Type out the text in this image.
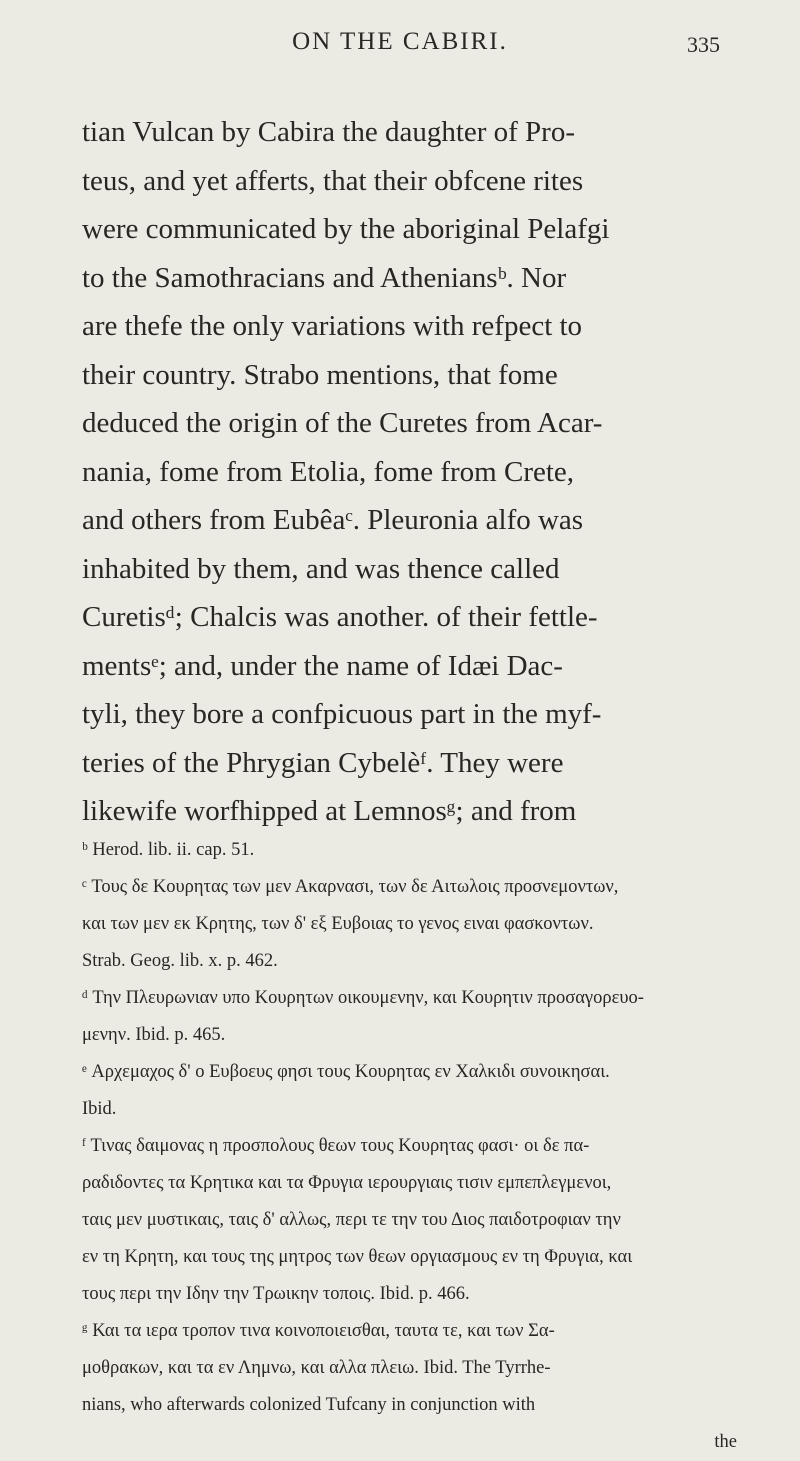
ON THE CABIRI.	335
tian Vulcan by Cabira the daughter of Pro-
teus, and yet afferts, that their obfcene rites
were communicated by the aboriginal Pelafgi
to the Samothracians and Atheniansᵇ. Nor
are thefe the only variations with refpect to
their country. Strabo mentions, that fome
deduced the origin of the Curetes from Acar-
nania, fome from Etolia, fome from Crete,
and others from Eubêaᶜ. Pleuronia alfo was
inhabited by them, and was thence called
Curetisᵈ; Chalcis was another. of their fettle-
mentsᵉ; and, under the name of Idæi Dac-
tyli, they bore a confpicuous part in the myf-
teries of the Phrygian Cybelèᶠ. They were
likewife worfhipped at Lemnosᵍ; and from
ᵇ Herod. lib. ii. cap. 51.
ᶜ Τους δε Κουρητας των μεν Ακαρνασι, των δε Αιτωλοις προσνεμοντων,
και των μεν εκ Κρητης, των δ' εξ Ευβοιας το γενος ειναι φασκοντων.
Strab. Geog. lib. x. p. 462.
ᵈ Την Πλευρωνιαν υπο Κουρητων οικουμενην, και Κουρητιν προσαγορευο-
μενην. Ibid. p. 465.
ᵉ Αρχεμαχος δ' ο Ευβοευς φησι τους Κουρητας εν Χαλκιδι συνοικησαι.
Ibid.
ᶠ Τινας δαιμονας η προσπολους θεων τους Κουρητας φασι· οι δε πα-
ραδιδοντες τα Κρητικα και τα Φρυγια ιερουργιαις τισιν εμπεπλεγμενοι,
ταις μεν μυστικαις, ταις δ' αλλως, περι τε την του Διος παιδοτροφιαν την
εν τη Κρητη, και τους της μητρος των θεων οργιασμους εν τη Φρυγια, και
τους περι την Ιδην την Τρωικην τοποις. Ibid. p. 466.
ᵍ Και τα ιερα τροπον τινα κοινοποιεισθαι, ταυτα τε, και των Σα-
μοθρακων, και τα εν Λημνω, και αλλα πλειω. Ibid. The Tyrrhe-
nians, who afterwards colonized Tufcany in conjunction with
the
